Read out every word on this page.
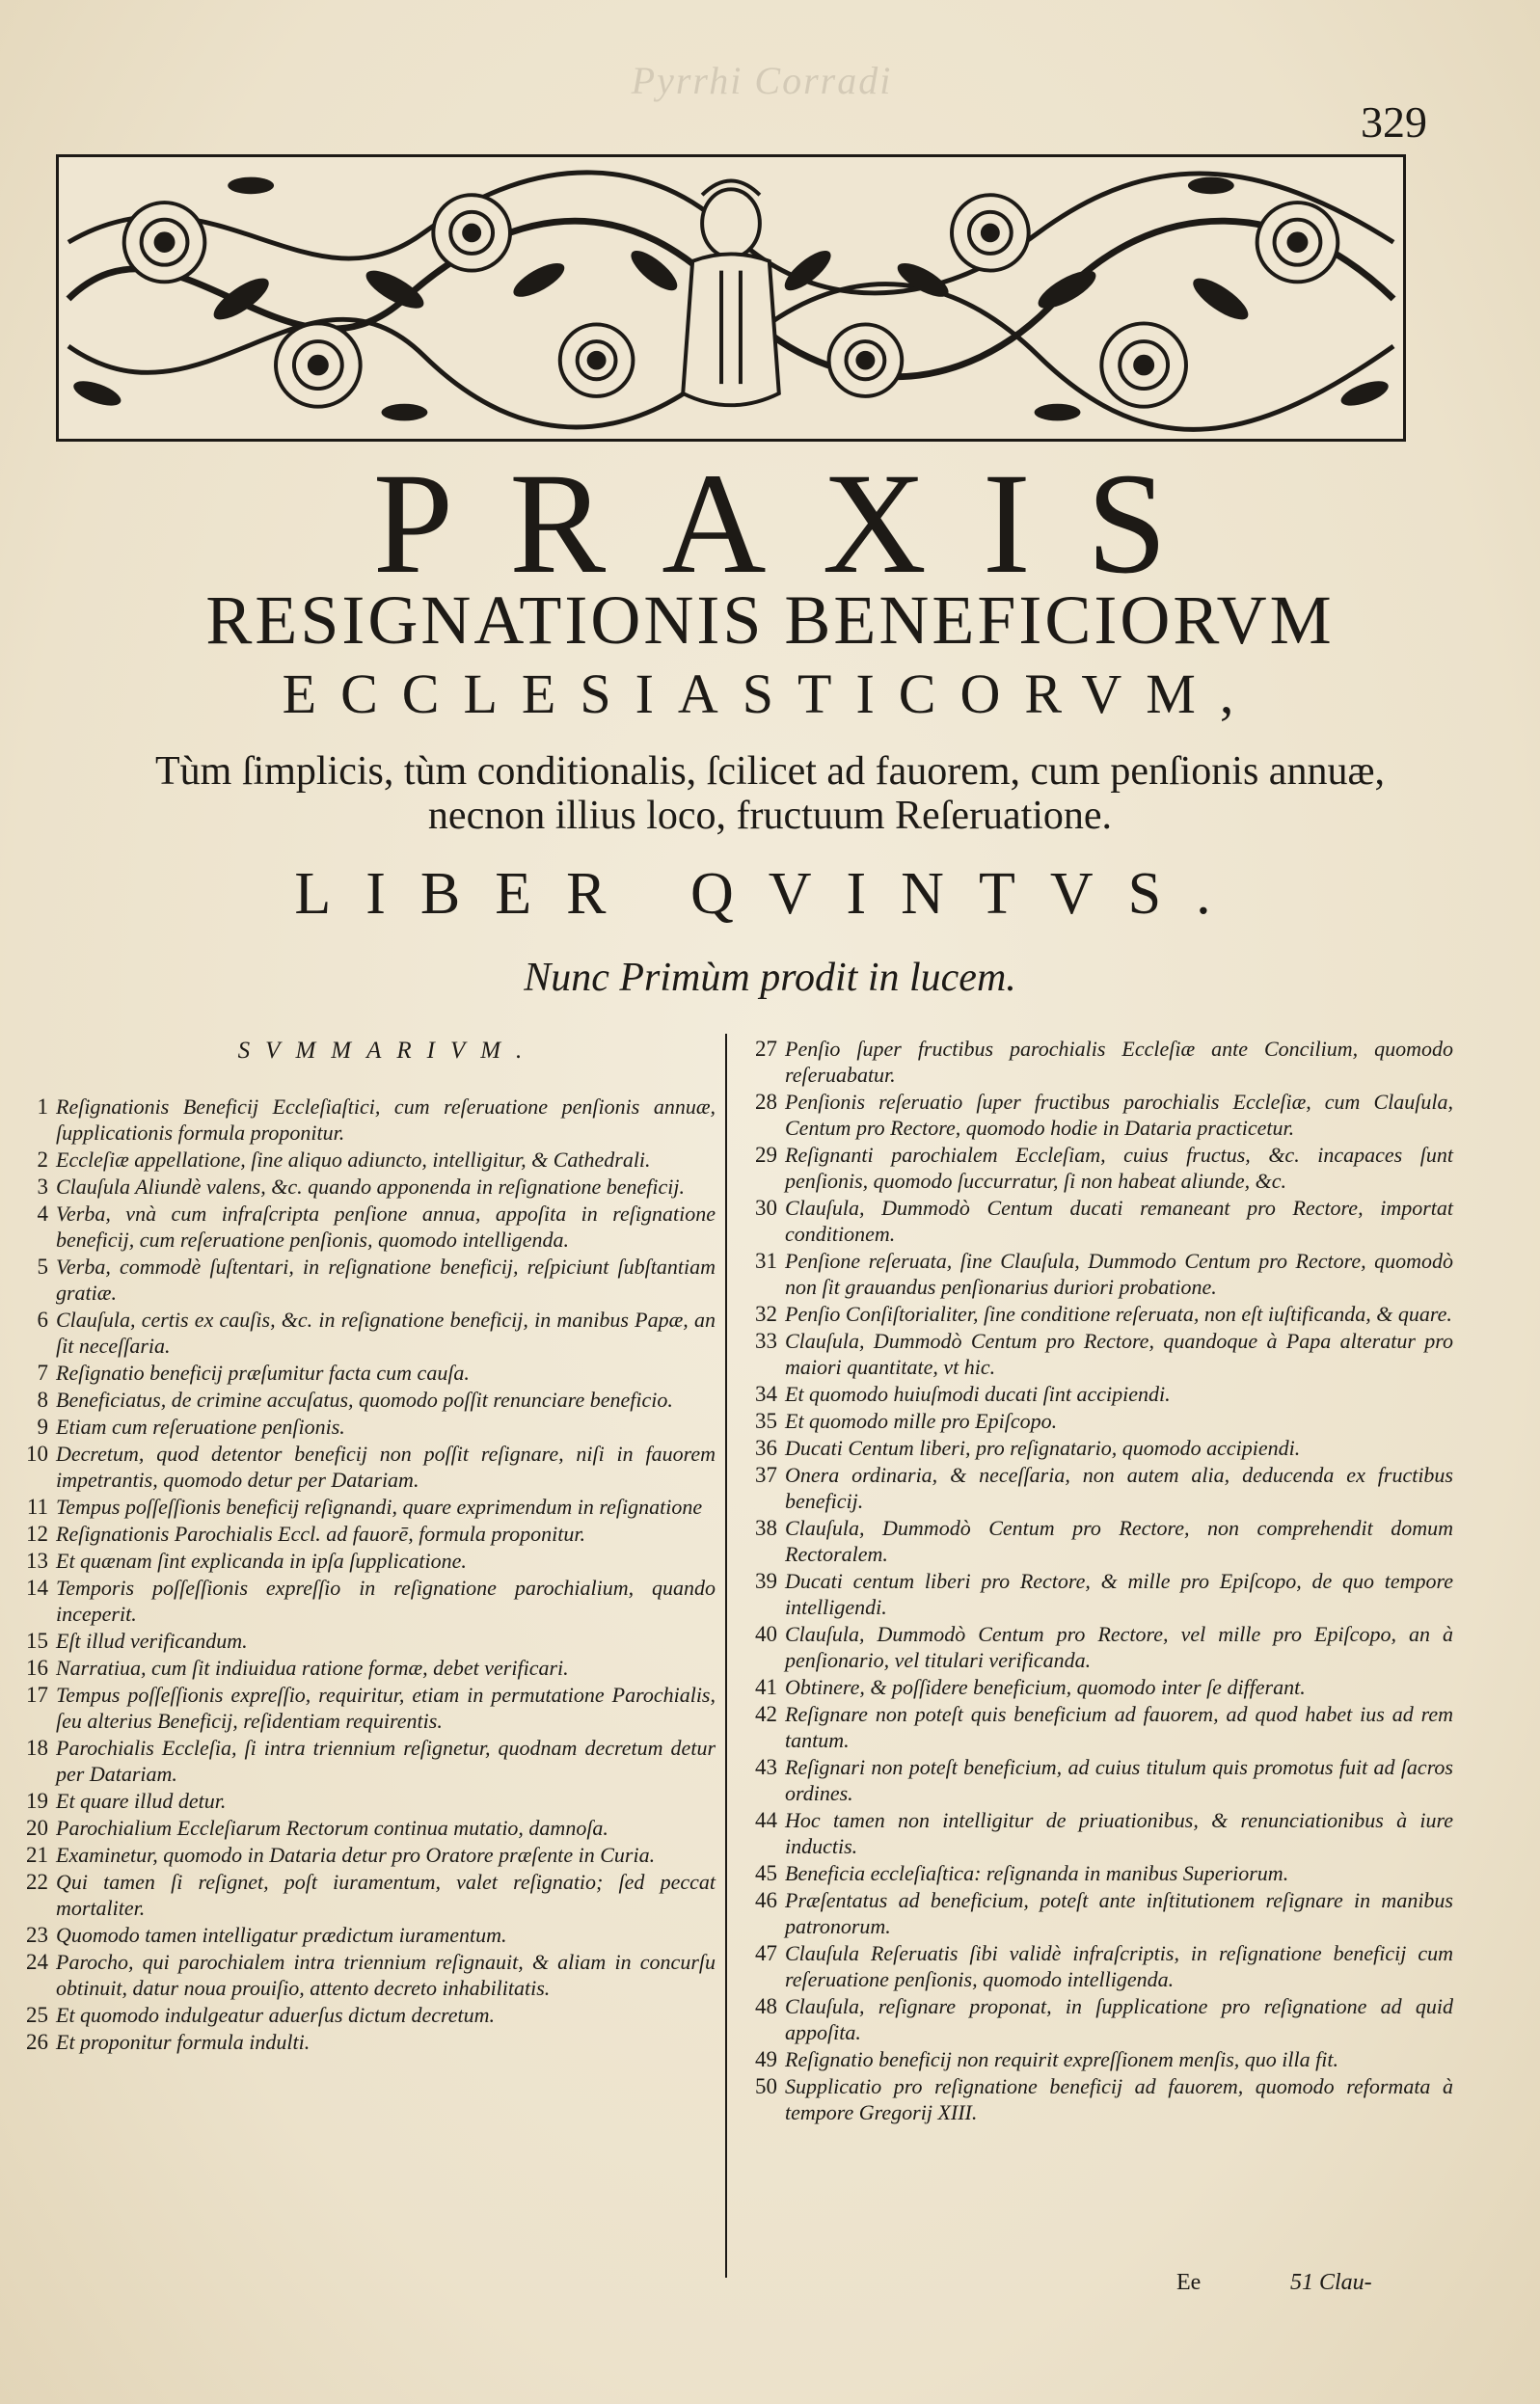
Pyrrhi Corradi
329
PRAXIS
RESIGNATIONIS BENEFICIORVM
ECCLESIASTICORVM,
Tùm ſimplicis, tùm conditionalis, ſcilicet ad fauorem, cum penſionis annuæ,
necnon illius loco, fructuum Reſeruatione.
LIBER QVINTVS.
Nunc Primùm prodit in lucem.
SVMMARIVM.
1 Reſignationis Beneficij Eccleſiaſtici, cum reſeruatione penſionis annuæ, ſupplicationis formula proponitur.
2 Eccleſiæ appellatione, ſine aliquo adiuncto, intelligitur, & Cathedrali.
3 Clauſula Aliundè valens, &c. quando apponenda in reſignatione beneficij.
4 Verba, vnà cum infraſcripta penſione annua, appoſita in reſignatione beneficij, cum reſeruatione penſionis, quomodo intelligenda.
5 Verba, commodè ſuſtentari, in reſignatione beneficij, reſpiciunt ſubſtantiam gratiæ.
6 Clauſula, certis ex cauſis, &c. in reſignatione beneficij, in manibus Papæ, an ſit neceſſaria.
7 Reſignatio beneficij præſumitur facta cum cauſa.
8 Beneficiatus, de crimine accuſatus, quomodo poſſit renunciare beneficio.
9 Etiam cum reſeruatione penſionis.
10 Decretum, quod detentor beneficij non poſſit reſignare, niſi in fauorem impetrantis, quomodo detur per Datariam.
11 Tempus poſſeſſionis beneficij reſignandi, quare exprimendum in reſignatione
12 Reſignationis Parochialis Eccl. ad fauorē, formula proponitur.
13 Et quænam ſint explicanda in ipſa ſupplicatione.
14 Temporis poſſeſſionis expreſſio in reſignatione parochialium, quando inceperit.
15 Eſt illud verificandum.
16 Narratiua, cum ſit indiuidua ratione formæ, debet verificari.
17 Tempus poſſeſſionis expreſſio, requiritur, etiam in permutatione Parochialis, ſeu alterius Beneficij, reſidentiam requirentis.
18 Parochialis Eccleſia, ſi intra triennium reſignetur, quodnam decretum detur per Datariam.
19 Et quare illud detur.
20 Parochialium Eccleſiarum Rectorum continua mutatio, damnoſa.
21 Examinetur, quomodo in Dataria detur pro Oratore præſente in Curia.
22 Qui tamen ſi reſignet, poſt iuramentum, valet reſignatio; ſed peccat mortaliter.
23 Quomodo tamen intelligatur prædictum iuramentum.
24 Parocho, qui parochialem intra triennium reſignauit, & aliam in concurſu obtinuit, datur noua prouiſio, attento decreto inhabilitatis.
25 Et quomodo indulgeatur aduerſus dictum decretum.
26 Et proponitur formula indulti.
27 Penſio ſuper fructibus parochialis Eccleſiæ ante Concilium, quomodo reſeruabatur.
28 Penſionis reſeruatio ſuper fructibus parochialis Eccleſiæ, cum Clauſula, Centum pro Rectore, quomodo hodie in Dataria practicetur.
29 Reſignanti parochialem Eccleſiam, cuius fructus, &c. incapaces ſunt penſionis, quomodo ſuccurratur, ſi non habeat aliunde, &c.
30 Clauſula, Dummodò Centum ducati remaneant pro Rectore, importat conditionem.
31 Penſione reſeruata, ſine Clauſula, Dummodo Centum pro Rectore, quomodò non ſit grauandus penſionarius duriori probatione.
32 Penſio Conſiſtorialiter, ſine conditione reſeruata, non eſt iuſtificanda, & quare.
33 Clauſula, Dummodò Centum pro Rectore, quandoque à Papa alteratur pro maiori quantitate, vt hic.
34 Et quomodo huiuſmodi ducati ſint accipiendi.
35 Et quomodo mille pro Epiſcopo.
36 Ducati Centum liberi, pro reſignatario, quomodo accipiendi.
37 Onera ordinaria, & neceſſaria, non autem alia, deducenda ex fructibus beneficij.
38 Clauſula, Dummodò Centum pro Rectore, non comprehendit domum Rectoralem.
39 Ducati centum liberi pro Rectore, & mille pro Epiſcopo, de quo tempore intelligendi.
40 Clauſula, Dummodò Centum pro Rectore, vel mille pro Epiſcopo, an à penſionario, vel titulari verificanda.
41 Obtinere, & poſſidere beneficium, quomodo inter ſe differant.
42 Reſignare non poteſt quis beneficium ad fauorem, ad quod habet ius ad rem tantum.
43 Reſignari non poteſt beneficium, ad cuius titulum quis promotus fuit ad ſacros ordines.
44 Hoc tamen non intelligitur de priuationibus, & renunciationibus à iure inductis.
45 Beneficia eccleſiaſtica: reſignanda in manibus Superiorum.
46 Præſentatus ad beneficium, poteſt ante inſtitutionem reſignare in manibus patronorum.
47 Clauſula Reſeruatis ſibi validè infraſcriptis, in reſignatione beneficij cum reſeruatione penſionis, quomodo intelligenda.
48 Clauſula, reſignare proponat, in ſupplicatione pro reſignatione ad quid appoſita.
49 Reſignatio beneficij non requirit expreſſionem menſis, quo illa fit.
50 Supplicatio pro reſignatione beneficij ad fauorem, quomodo reformata à tempore Gregorij XIII.
Ee	51 Clau-
